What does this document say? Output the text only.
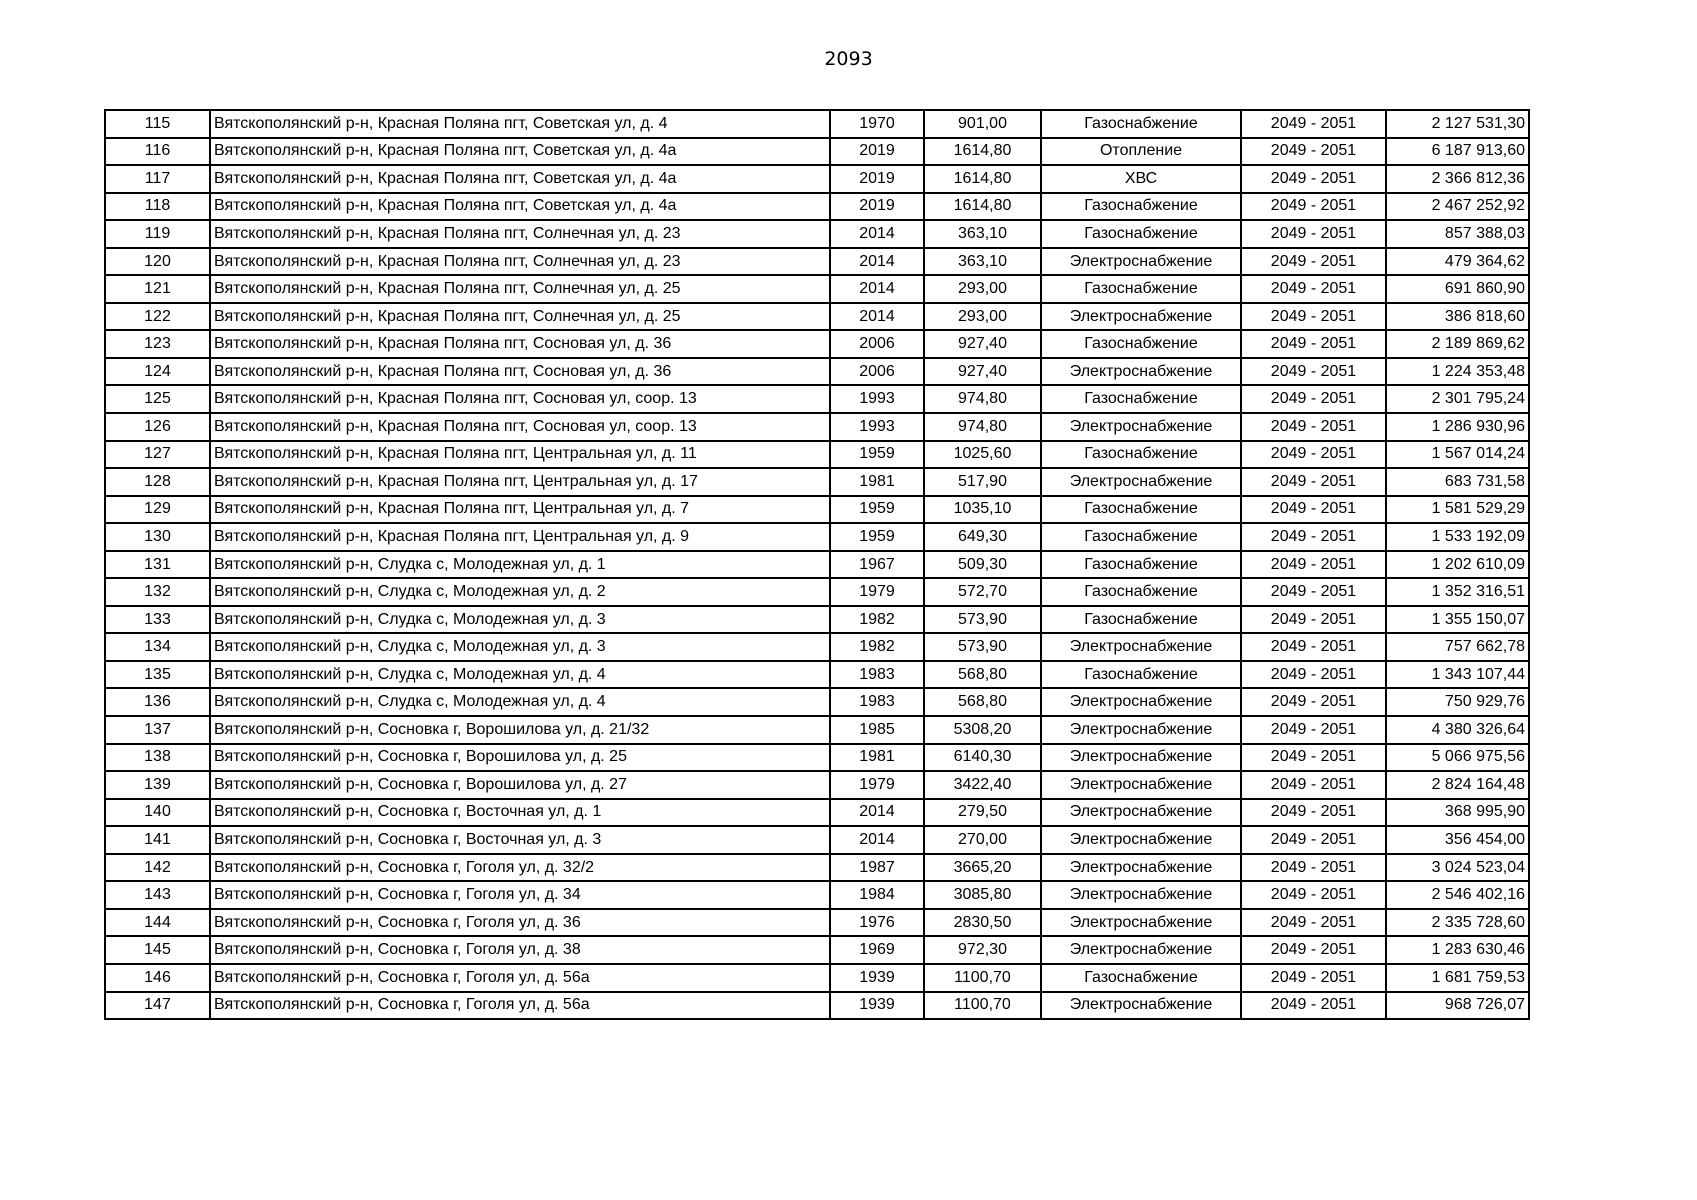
2093
115	Вятскополянский р-н, Красная Поляна пгт, Советская ул, д. 4	1970	901,00	Газоснабжение	2049 - 2051	2 127 531,30
116	Вятскополянский р-н, Красная Поляна пгт, Советская ул, д. 4а	2019	1614,80	Отопление	2049 - 2051	6 187 913,60
117	Вятскополянский р-н, Красная Поляна пгт, Советская ул, д. 4а	2019	1614,80	ХВС	2049 - 2051	2 366 812,36
118	Вятскополянский р-н, Красная Поляна пгт, Советская ул, д. 4а	2019	1614,80	Газоснабжение	2049 - 2051	2 467 252,92
119	Вятскополянский р-н, Красная Поляна пгт, Солнечная ул, д. 23	2014	363,10	Газоснабжение	2049 - 2051	857 388,03
120	Вятскополянский р-н, Красная Поляна пгт, Солнечная ул, д. 23	2014	363,10	Электроснабжение	2049 - 2051	479 364,62
121	Вятскополянский р-н, Красная Поляна пгт, Солнечная ул, д. 25	2014	293,00	Газоснабжение	2049 - 2051	691 860,90
122	Вятскополянский р-н, Красная Поляна пгт, Солнечная ул, д. 25	2014	293,00	Электроснабжение	2049 - 2051	386 818,60
123	Вятскополянский р-н, Красная Поляна пгт, Сосновая ул, д. 36	2006	927,40	Газоснабжение	2049 - 2051	2 189 869,62
124	Вятскополянский р-н, Красная Поляна пгт, Сосновая ул, д. 36	2006	927,40	Электроснабжение	2049 - 2051	1 224 353,48
125	Вятскополянский р-н, Красная Поляна пгт, Сосновая ул, соор. 13	1993	974,80	Газоснабжение	2049 - 2051	2 301 795,24
126	Вятскополянский р-н, Красная Поляна пгт, Сосновая ул, соор. 13	1993	974,80	Электроснабжение	2049 - 2051	1 286 930,96
127	Вятскополянский р-н, Красная Поляна пгт, Центральная ул, д. 11	1959	1025,60	Газоснабжение	2049 - 2051	1 567 014,24
128	Вятскополянский р-н, Красная Поляна пгт, Центральная ул, д. 17	1981	517,90	Электроснабжение	2049 - 2051	683 731,58
129	Вятскополянский р-н, Красная Поляна пгт, Центральная ул, д. 7	1959	1035,10	Газоснабжение	2049 - 2051	1 581 529,29
130	Вятскополянский р-н, Красная Поляна пгт, Центральная ул, д. 9	1959	649,30	Газоснабжение	2049 - 2051	1 533 192,09
131	Вятскополянский р-н, Слудка с, Молодежная ул, д. 1	1967	509,30	Газоснабжение	2049 - 2051	1 202 610,09
132	Вятскополянский р-н, Слудка с, Молодежная ул, д. 2	1979	572,70	Газоснабжение	2049 - 2051	1 352 316,51
133	Вятскополянский р-н, Слудка с, Молодежная ул, д. 3	1982	573,90	Газоснабжение	2049 - 2051	1 355 150,07
134	Вятскополянский р-н, Слудка с, Молодежная ул, д. 3	1982	573,90	Электроснабжение	2049 - 2051	757 662,78
135	Вятскополянский р-н, Слудка с, Молодежная ул, д. 4	1983	568,80	Газоснабжение	2049 - 2051	1 343 107,44
136	Вятскополянский р-н, Слудка с, Молодежная ул, д. 4	1983	568,80	Электроснабжение	2049 - 2051	750 929,76
137	Вятскополянский р-н, Сосновка г, Ворошилова ул, д. 21/32	1985	5308,20	Электроснабжение	2049 - 2051	4 380 326,64
138	Вятскополянский р-н, Сосновка г, Ворошилова ул, д. 25	1981	6140,30	Электроснабжение	2049 - 2051	5 066 975,56
139	Вятскополянский р-н, Сосновка г, Ворошилова ул, д. 27	1979	3422,40	Электроснабжение	2049 - 2051	2 824 164,48
140	Вятскополянский р-н, Сосновка г, Восточная ул, д. 1	2014	279,50	Электроснабжение	2049 - 2051	368 995,90
141	Вятскополянский р-н, Сосновка г, Восточная ул, д. 3	2014	270,00	Электроснабжение	2049 - 2051	356 454,00
142	Вятскополянский р-н, Сосновка г, Гоголя ул, д. 32/2	1987	3665,20	Электроснабжение	2049 - 2051	3 024 523,04
143	Вятскополянский р-н, Сосновка г, Гоголя ул, д. 34	1984	3085,80	Электроснабжение	2049 - 2051	2 546 402,16
144	Вятскополянский р-н, Сосновка г, Гоголя ул, д. 36	1976	2830,50	Электроснабжение	2049 - 2051	2 335 728,60
145	Вятскополянский р-н, Сосновка г, Гоголя ул, д. 38	1969	972,30	Электроснабжение	2049 - 2051	1 283 630,46
146	Вятскополянский р-н, Сосновка г, Гоголя ул, д. 56а	1939	1100,70	Газоснабжение	2049 - 2051	1 681 759,53
147	Вятскополянский р-н, Сосновка г, Гоголя ул, д. 56а	1939	1100,70	Электроснабжение	2049 - 2051	968 726,07
